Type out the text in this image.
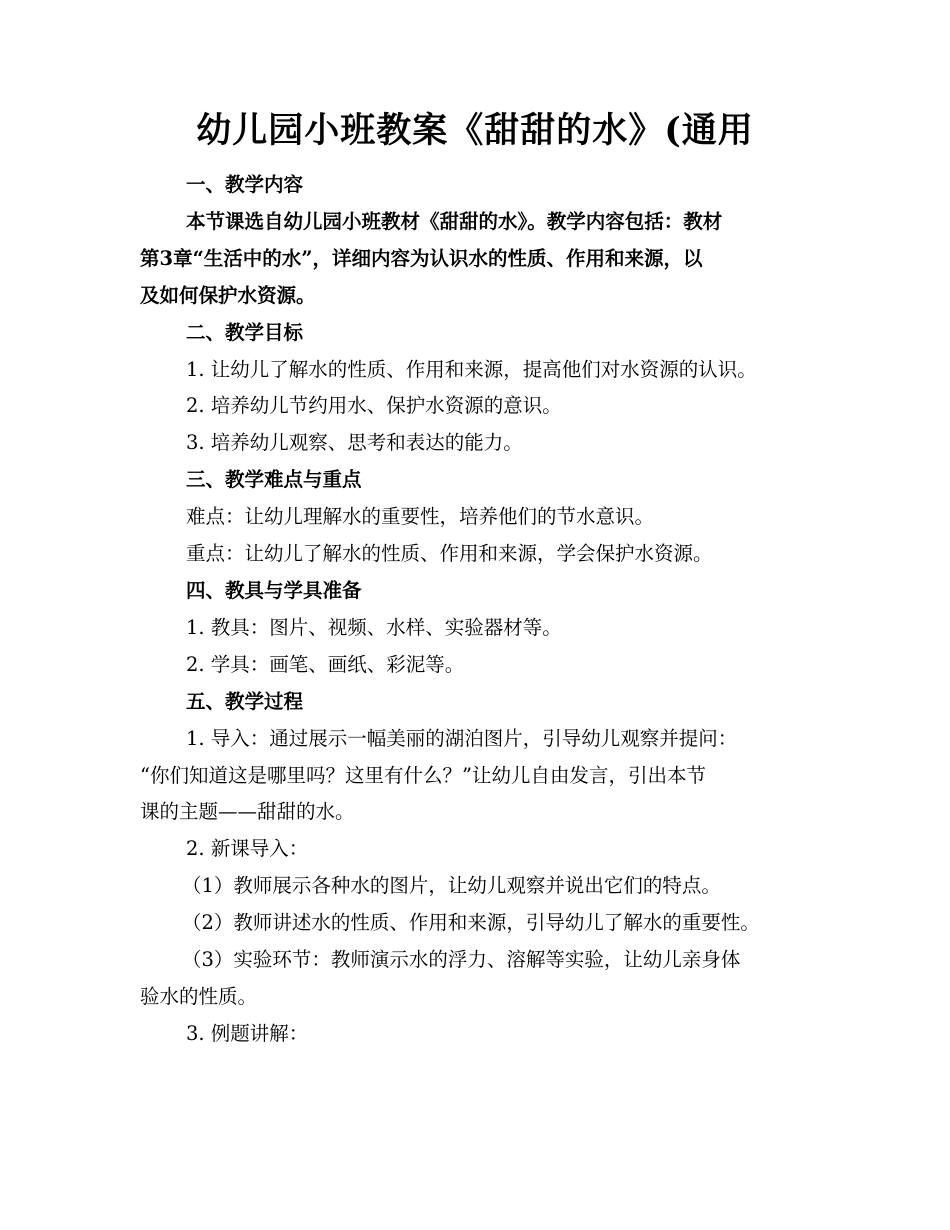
幼儿园小班教案《甜甜的水》(通用

一、教学内容

本节课选自幼儿园小班教材《甜甜的水》。教学内容包括：教材
第3章“生活中的水”，详细内容为认识水的性质、作用和来源，以
及如何保护水资源。

二、教学目标

1. 让幼儿了解水的性质、作用和来源，提高他们对水资源的认识。

2. 培养幼儿节约用水、保护水资源的意识。

3. 培养幼儿观察、思考和表达的能力。

三、教学难点与重点

难点：让幼儿理解水的重要性，培养他们的节水意识。

重点：让幼儿了解水的性质、作用和来源，学会保护水资源。

四、教具与学具准备

1. 教具：图片、视频、水样、实验器材等。

2. 学具：画笔、画纸、彩泥等。

五、教学过程

1. 导入：通过展示一幅美丽的湖泊图片，引导幼儿观察并提问：
“你们知道这是哪里吗？这里有什么？”让幼儿自由发言，引出本节
课的主题——甜甜的水。

2. 新课导入：

（1）教师展示各种水的图片，让幼儿观察并说出它们的特点。

（2）教师讲述水的性质、作用和来源，引导幼儿了解水的重要性。

（3）实验环节：教师演示水的浮力、溶解等实验，让幼儿亲身体
验水的性质。

3. 例题讲解：
